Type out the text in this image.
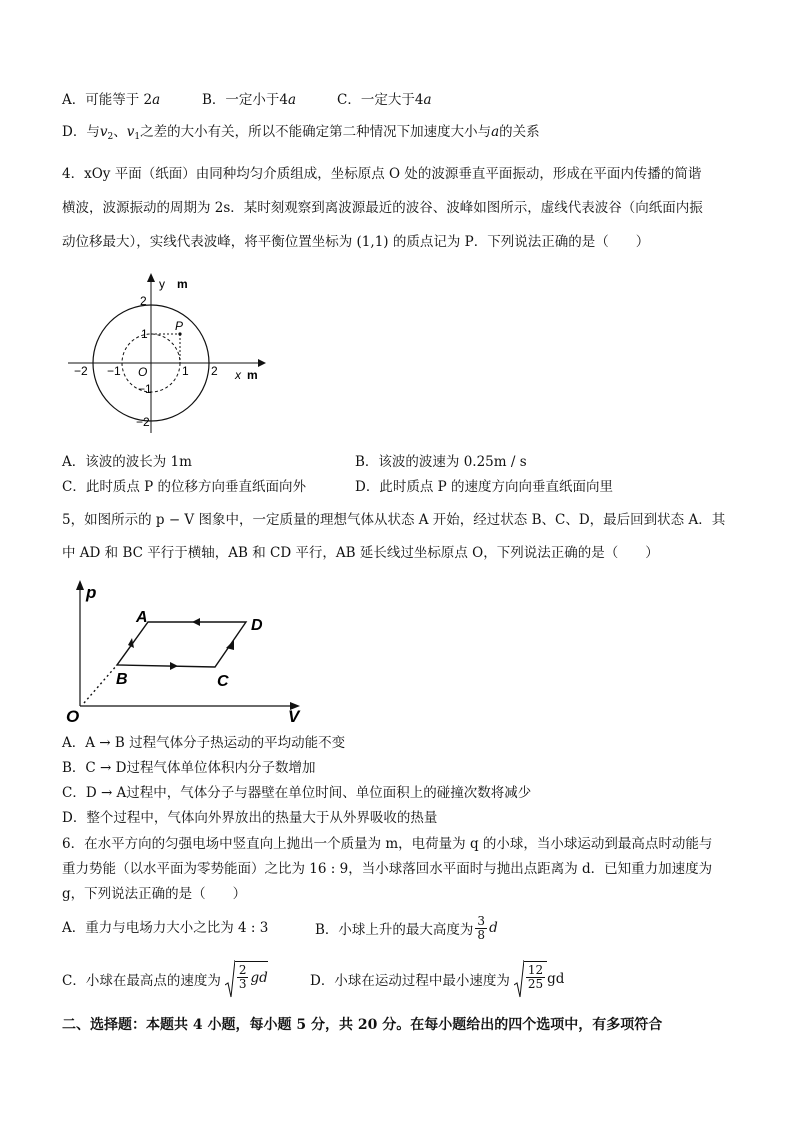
A．可能等于 2a	B．一定小于4a	C．一定大于4a
D．与$v_2$、$v_1$之差的大小有关，所以不能确定第二种情况下加速度大小与a的关系
4．xOy 平面（纸面）由同种均匀介质组成，坐标原点 O 处的波源垂直平面振动，形成在平面内传播的简谐
横波，波源振动的周期为 2s．某时刻观察到离波源最近的波谷、波峰如图所示，虚线代表波谷（向纸面内振
动位移最大），实线代表波峰，将平衡位置坐标为 (1,1) 的质点记为 P．下列说法正确的是（　　）
y m
x m
P
O
−2 −1	1 2
2
1
−1
−2
A．该波的波长为 1m	B．该波的波速为 0.25m / s
C．此时质点 P 的位移方向垂直纸面向外	D．此时质点 P 的速度方向向垂直纸面向里
5，如图所示的 p − V 图象中，一定质量的理想气体从状态 A 开始，经过状态 B、C、D，最后回到状态 A．其
中 AD 和 BC 平行于横轴，AB 和 CD 平行，AB 延长线过坐标原点 O，下列说法正确的是（　　）
p
V
O
A	D
B	C
A．A → B 过程气体分子热运动的平均动能不变
B．C → D过程气体单位体积内分子数增加
C．D → A过程中，气体分子与器壁在单位时间、单位面积上的碰撞次数将减少
D．整个过程中，气体向外界放出的热量大于从外界吸收的热量
6．在水平方向的匀强电场中竖直向上抛出一个质量为 m，电荷量为 q 的小球，当小球运动到最高点时动能与
重力势能（以水平面为零势能面）之比为 16 : 9，当小球落回水平面时与抛出点距离为 d．已知重力加速度为
g，下列说法正确的是（　　）
A．重力与电场力大小之比为 4 : 3	B．小球上升的最大高度为 $\frac{3}{8}$ d
C．小球在最高点的速度为 $\frac{2}{3}$ gd	D．小球在运动过程中最小速度为 $\frac{12}{25}$ gd
二、选择题：本题共 4 小题，每小题 5 分，共 20 分。在每小题给出的四个选项中，有多项符合
